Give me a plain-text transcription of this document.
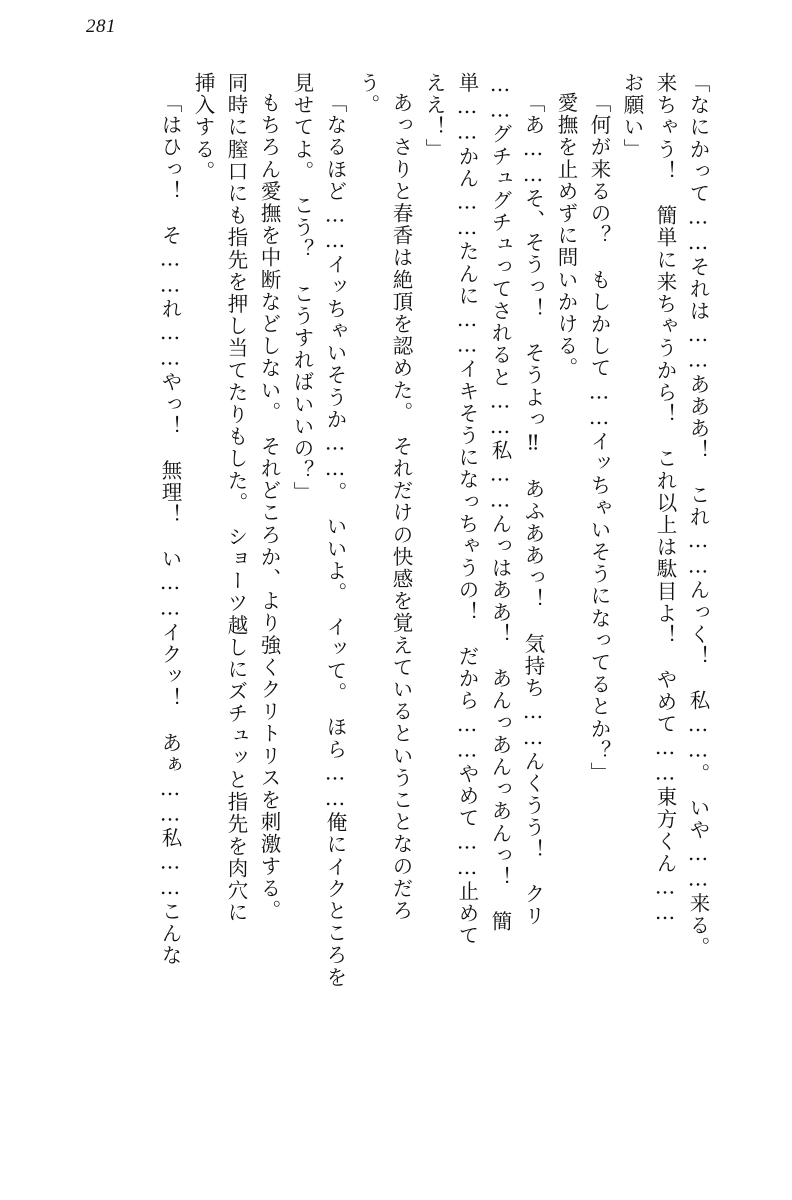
281
「なにかって……それは……あああ！　これ……んっく！　私……。　いや……来る。
来ちゃう！　簡単に来ちゃうから！　これ以上は駄目よ！　やめて……東方くん……
お願い」
「何が来るの？　もしかして……イッちゃいそうになってるとか？」
愛撫を止めずに問いかける。
「あ……そ、そうっ！　そうよっ‼　あふああっ！　気持ち……んくうう！　クリ
……グチュグチュってされると……私……んっはああ！　あんっあんっあんっ！　簡
単……かん……たんに……イキそうになっちゃうの！　だから……やめて……止めて
ええ！」
あっさりと春香は絶頂を認めた。　それだけの快感を覚えているということなのだろ
う。
「なるほど……イッちゃいそうか……。　いいよ。　イッて。　ほら……俺にイクところを
見せてよ。　こう？　こうすればいいの？」
もちろん愛撫を中断などしない。　それどころか、より強くクリトリスを刺激する。
同時に膣口にも指先を押し当てたりもした。　ショーツ越しにズチュッと指先を肉穴に
挿入する。
「はひっ！　そ……れ……やっ！　無理！　い……イクッ！　あぁ……私……こんな
